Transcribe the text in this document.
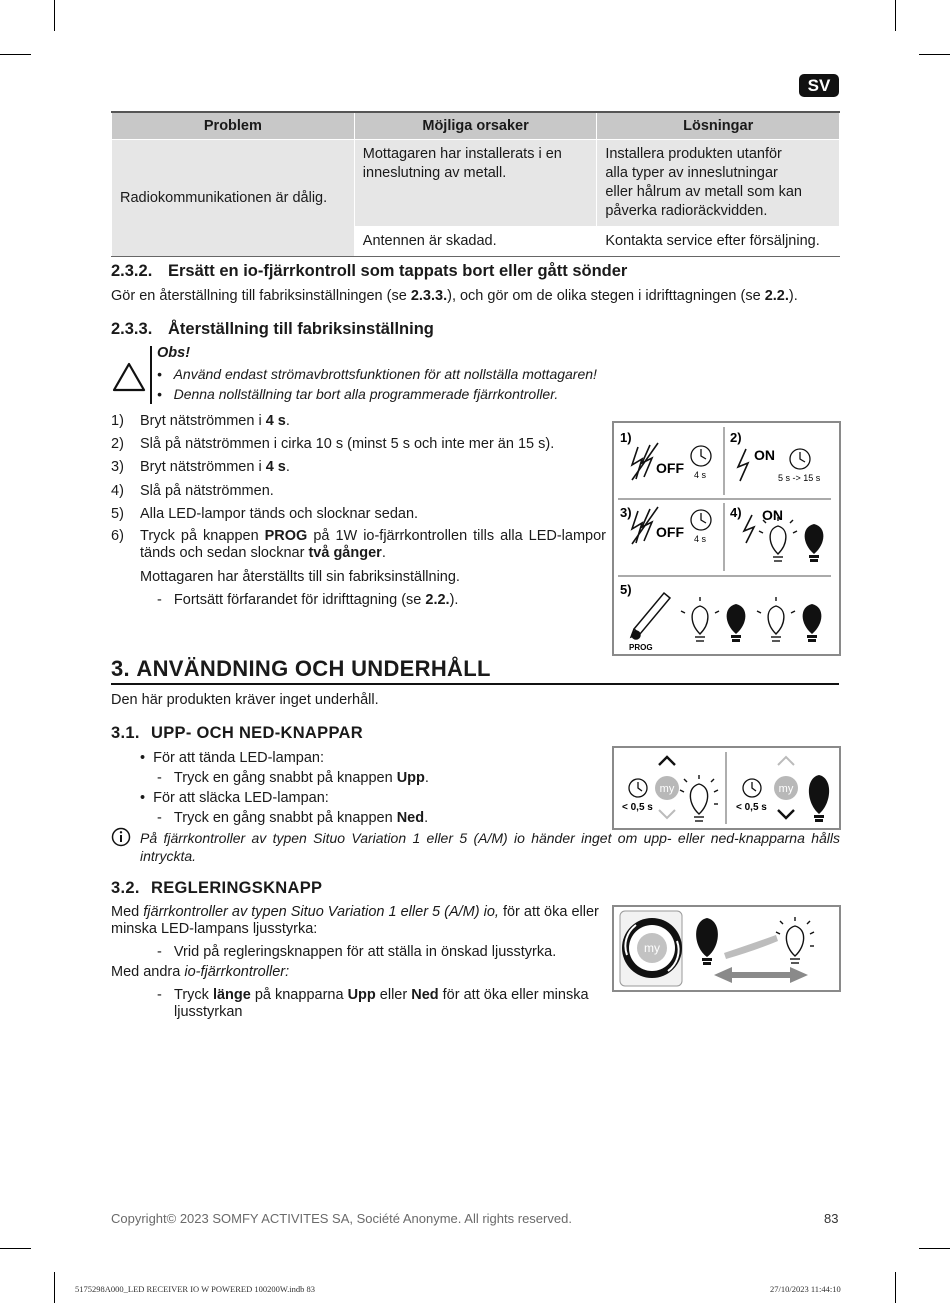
SV
Problem	Möjliga orsaker	Lösningar
Radiokommunikationen är dålig.	Mottagaren har installerats i en inneslutning av metall.	Installera produkten utanför
alla typer av inneslutningar
eller hålrum av metall som kan
påverka radioräckvidden.

	Antennen är skadad.	Kontakta service efter försäljning.
2.3.2. Ersätt en io-fjärrkontroll som tappats bort eller gått sönder
Gör en återställning till fabriksinställningen (se 2.3.3.), och gör om de olika stegen i idrifttagningen (se 2.2.).
2.3.3. Återställning till fabriksinställning
Obs!
•   Använd endast strömavbrottsfunktionen för att nollställa mottagaren!
•   Denna nollställning tar bort alla programmerade fjärrkontroller.
1) Bryt nätströmmen i 4 s.
2) Slå på nätströmmen i cirka 10 s (minst 5 s och inte mer än 15 s).
3) Bryt nätströmmen i 4 s.
4) Slå på nätströmmen.
5) Alla LED-lampor tänds och slocknar sedan.
6) Tryck på knappen PROG på 1W io-fjärrkontrollen tills alla LED-lampor tänds och sedan slocknar två gånger.
Mottagaren har återställts till sin fabriksinställning.
-   Fortsätt förfarandet för idrifttagning (se 2.2.).
1)
OFF 4 s
2)
ON
5 s -> 15 s
3)
OFF 4 s
4) ON
5)
PROG
3. ANVÄNDNING OCH UNDERHÅLL
Den här produkten kräver inget underhåll.
3.1. UPP- OCH NED-KNAPPAR
•  För att tända LED-lampan:
-   Tryck en gång snabbt på knappen Upp.
•  För att släcka LED-lampan:
-   Tryck en gång snabbt på knappen Ned.
På fjärrkontroller av typen Situo Variation 1 eller 5 (A/M) io händer inget om upp- eller ned-knapparna hålls intryckta.
< 0,5 s
my
< 0,5 s
my
3.2. REGLERINGSKNAPP
Med fjärrkontroller av typen Situo Variation 1 eller 5 (A/M) io, för att öka eller minska LED-lampans ljusstyrka:
-   Vrid på regleringsknappen för att ställa in önskad ljusstyrka.
Med andra io-fjärrkontroller:
- Tryck länge på knapparna Upp eller Ned för att öka eller minska ljusstyrkan
my
Copyright© 2023 SOMFY ACTIVITES SA, Société Anonyme. All rights reserved.	83
5175298A000_LED RECEIVER IO W POWERED 100200W.indb 83	27/10/2023 11:44:10
